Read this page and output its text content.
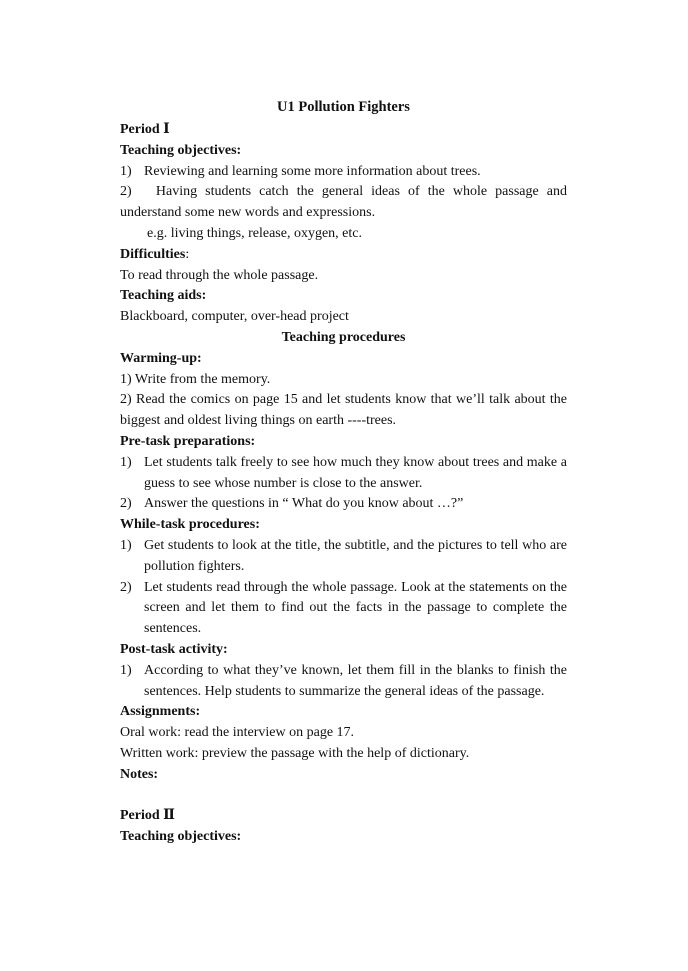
U1 Pollution Fighters
Period Ⅰ
Teaching objectives:
1) Reviewing and learning some more information about trees.
2) Having students catch the general ideas of the whole passage and understand some new words and expressions.
e.g. living things, release, oxygen, etc.
Difficulties:
To read through the whole passage.
Teaching aids:
Blackboard, computer, over-head project
Teaching procedures
Warming-up:
1) Write from the memory.
2) Read the comics on page 15 and let students know that we’ll talk about the biggest and oldest living things on earth ----trees.
Pre-task preparations:
1) Let students talk freely to see how much they know about trees and make a guess to see whose number is close to the answer.
2) Answer the questions in “ What do you know about …?”
While-task procedures:
1) Get students to look at the title, the subtitle, and the pictures to tell who are pollution fighters.
2) Let students read through the whole passage. Look at the statements on the screen and let them to find out the facts in the passage to complete the sentences.
Post-task activity:
1) According to what they’ve known, let them fill in the blanks to finish the sentences. Help students to summarize the general ideas of the passage.
Assignments:
Oral work: read the interview on page 17.
Written work: preview the passage with the help of dictionary.
Notes:
Period Ⅱ
Teaching objectives:
